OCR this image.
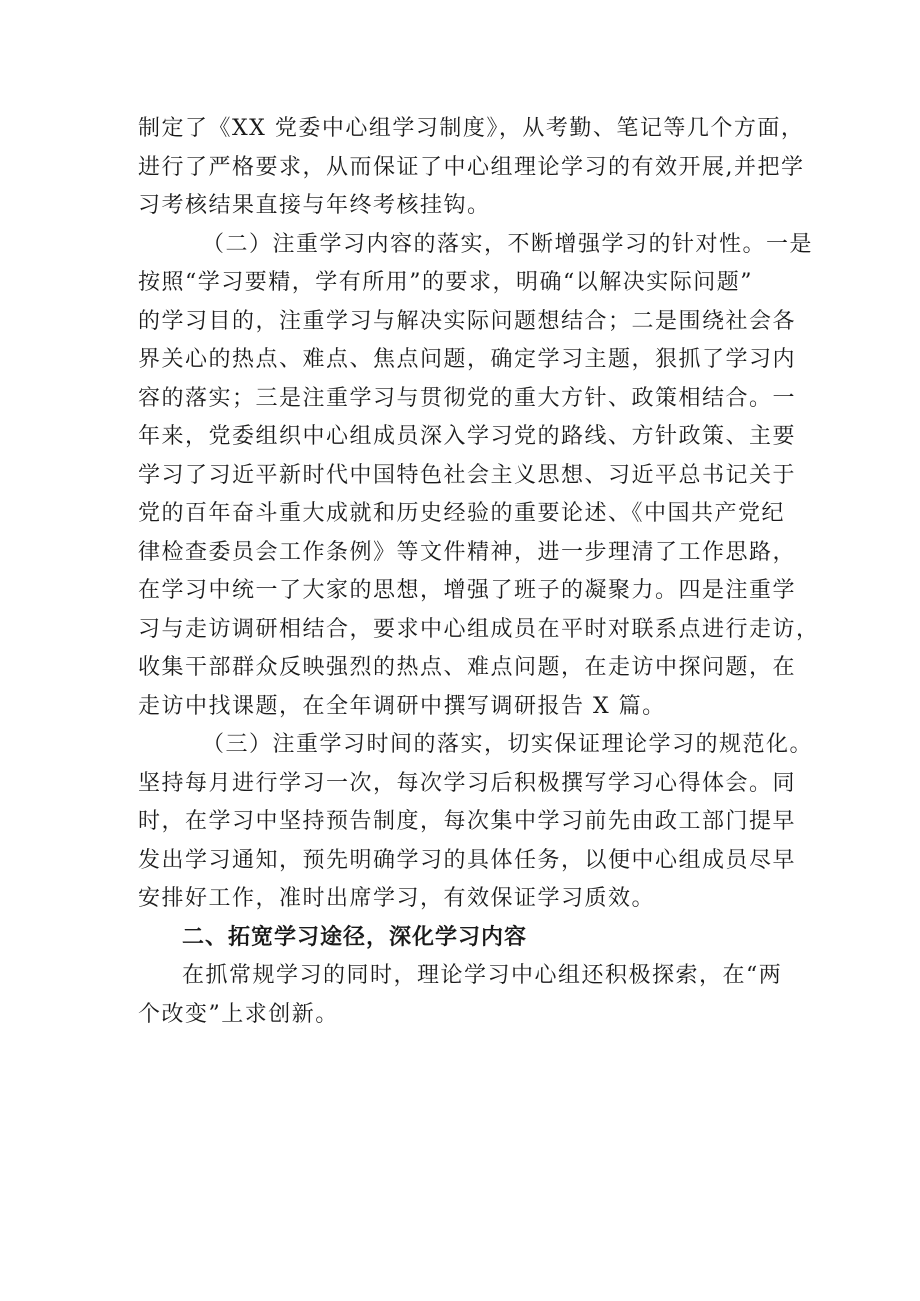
制定了《XX 党委中心组学习制度》，从考勤、笔记等几个方面，
进行了严格要求，从而保证了中心组理论学习的有效开展,并把学
习考核结果直接与年终考核挂钩。
（二）注重学习内容的落实，不断增强学习的针对性。一是
按照“学习要精，学有所用”的要求，明确“以解决实际问题”
的学习目的，注重学习与解决实际问题想结合；二是围绕社会各
界关心的热点、难点、焦点问题，确定学习主题，狠抓了学习内
容的落实；三是注重学习与贯彻党的重大方针、政策相结合。一
年来，党委组织中心组成员深入学习党的路线、方针政策、主要
学习了习近平新时代中国特色社会主义思想、习近平总书记关于
党的百年奋斗重大成就和历史经验的重要论述、《中国共产党纪
律检查委员会工作条例》等文件精神，进一步理清了工作思路，
在学习中统一了大家的思想，增强了班子的凝聚力。四是注重学
习与走访调研相结合，要求中心组成员在平时对联系点进行走访，
收集干部群众反映强烈的热点、难点问题，在走访中探问题，在
走访中找课题，在全年调研中撰写调研报告 X 篇。
（三）注重学习时间的落实，切实保证理论学习的规范化。
坚持每月进行学习一次，每次学习后积极撰写学习心得体会。同
时，在学习中坚持预告制度，每次集中学习前先由政工部门提早
发出学习通知，预先明确学习的具体任务，以便中心组成员尽早
安排好工作，准时出席学习，有效保证学习质效。
二、拓宽学习途径，深化学习内容
在抓常规学习的同时，理论学习中心组还积极探索，在“两
个改变”上求创新。
